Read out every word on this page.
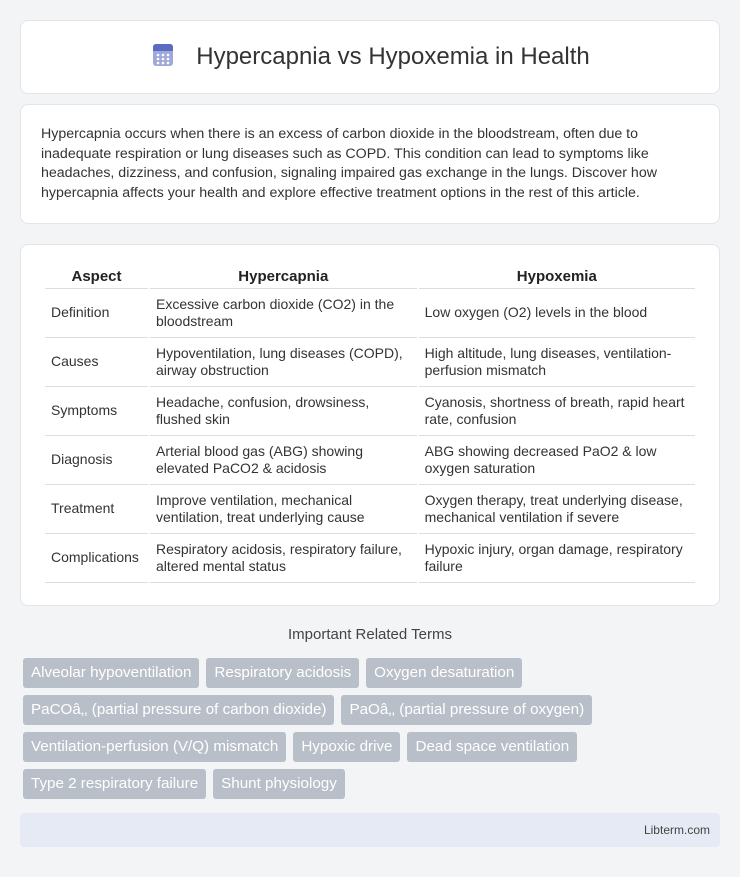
Hypercapnia vs Hypoxemia in Health

Hypercapnia occurs when there is an excess of carbon dioxide in the bloodstream, often due to inadequate respiration or lung diseases such as COPD. This condition can lead to symptoms like headaches, dizziness, and confusion, signaling impaired gas exchange in the lungs. Discover how hypercapnia affects your health and explore effective treatment options in the rest of this article.

Aspect	Hypercapnia	Hypoxemia
Definition	Excessive carbon dioxide (CO2) in the bloodstream	Low oxygen (O2) levels in the blood
Causes	Hypoventilation, lung diseases (COPD), airway obstruction	High altitude, lung diseases, ventilation-perfusion mismatch
Symptoms	Headache, confusion, drowsiness, flushed skin	Cyanosis, shortness of breath, rapid heart rate, confusion
Diagnosis	Arterial blood gas (ABG) showing elevated PaCO2 & acidosis	ABG showing decreased PaO2 & low oxygen saturation
Treatment	Improve ventilation, mechanical ventilation, treat underlying cause	Oxygen therapy, treat underlying disease, mechanical ventilation if severe
Complications	Respiratory acidosis, respiratory failure, altered mental status	Hypoxic injury, organ damage, respiratory failure
Important Related Terms
Alveolar hypoventilation	Respiratory acidosis	Oxygen desaturation
PaCOâ‚‚ (partial pressure of carbon dioxide)	PaOâ‚‚ (partial pressure of oxygen)
Ventilation-perfusion (V/Q) mismatch	Hypoxic drive	Dead space ventilation
Type 2 respiratory failure	Shunt physiology
Libterm.com
